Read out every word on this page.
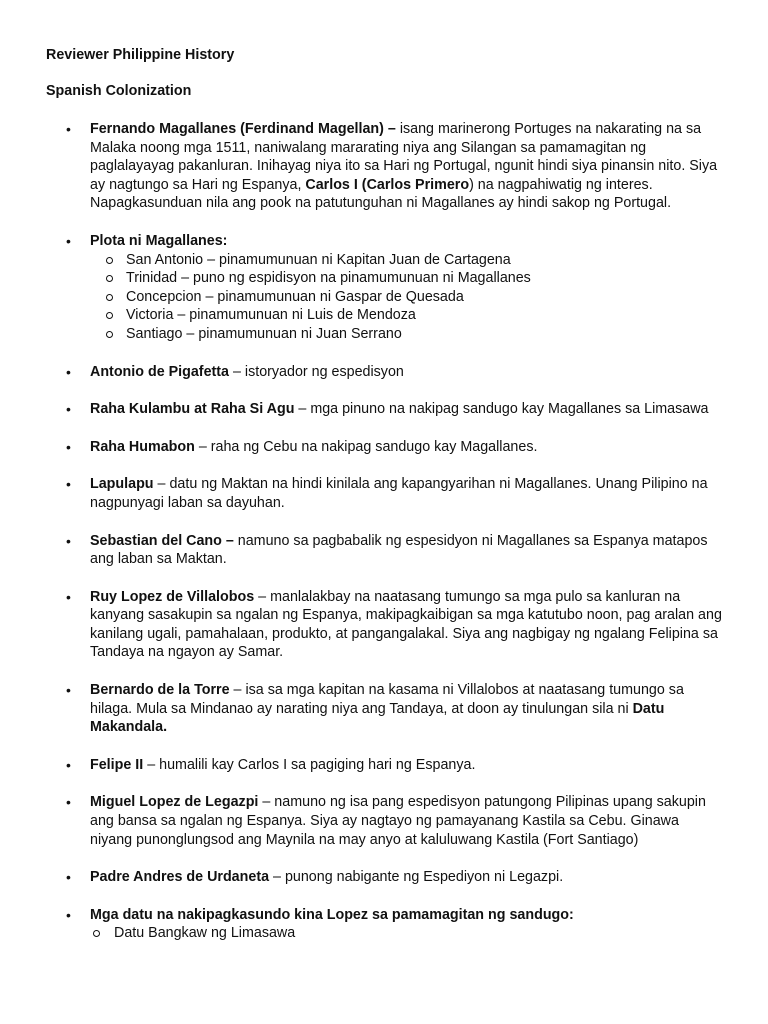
Reviewer Philippine History
Spanish Colonization
• Fernando Magallanes (Ferdinand Magellan) – isang marinerong Portuges na nakarating na sa Malaka noong mga 1511, naniwalang mararating niya ang Silangan sa pamamagitan ng paglalayayag pakanluran. Inihayag niya ito sa Hari ng Portugal, ngunit hindi siya pinansin nito. Siya ay nagtungo sa Hari ng Espanya, Carlos I (Carlos Primero) na nagpahiwatig ng interes. Napagkasunduan nila ang pook na patutunguhan ni Magallanes ay hindi sakop ng Portugal.
• Plota ni Magallanes:
San Antonio – pinamumunuan ni Kapitan Juan de Cartagena
Trinidad – puno ng espidisyon na pinamumunuan ni Magallanes
Concepcion – pinamumunuan ni Gaspar de Quesada
Victoria – pinamumunuan ni Luis de Mendoza
Santiago – pinamumunuan ni Juan Serrano
• Antonio de Pigafetta – istoryador ng espedisyon
• Raha Kulambu at Raha Si Agu – mga pinuno na nakipag sandugo kay Magallanes sa Limasawa
• Raha Humabon – raha ng Cebu na nakipag sandugo kay Magallanes.
• Lapulapu – datu ng Maktan na hindi kinilala ang kapangyarihan ni Magallanes. Unang Pilipino na nagpunyagi laban sa dayuhan.
• Sebastian del Cano – namuno sa pagbabalik ng espesidyon ni Magallanes sa Espanya matapos ang laban sa Maktan.
• Ruy Lopez de Villalobos – manlalakbay na naatasang tumungo sa mga pulo sa kanluran na kanyang sasakupin sa ngalan ng Espanya, makipagkaibigan sa mga katutubo noon, pag aralan ang kanilang ugali, pamahalaan, produkto, at pangangalakal. Siya ang nagbigay ng ngalang Felipina sa Tandaya na ngayon ay Samar.
• Bernardo de la Torre – isa sa mga kapitan na kasama ni Villalobos at naatasang tumungo sa hilaga. Mula sa Mindanao ay narating niya ang Tandaya, at doon ay tinulungan sila ni Datu Makandala.
• Felipe II – humalili kay Carlos I sa pagiging hari ng Espanya.
• Miguel Lopez de Legazpi – namuno ng isa pang espedisyon patungong Pilipinas upang sakupin ang bansa sa ngalan ng Espanya. Siya ay nagtayo ng pamayanang Kastila sa Cebu. Ginawa niyang punonglungsod ang Maynila na may anyo at kaluluwang Kastila (Fort Santiago)
• Padre Andres de Urdaneta – punong nabigante ng Espediyon ni Legazpi.
• Mga datu na nakipagkasundo kina Lopez sa pamamagitan ng sandugo:
Datu Bangkaw ng Limasawa
